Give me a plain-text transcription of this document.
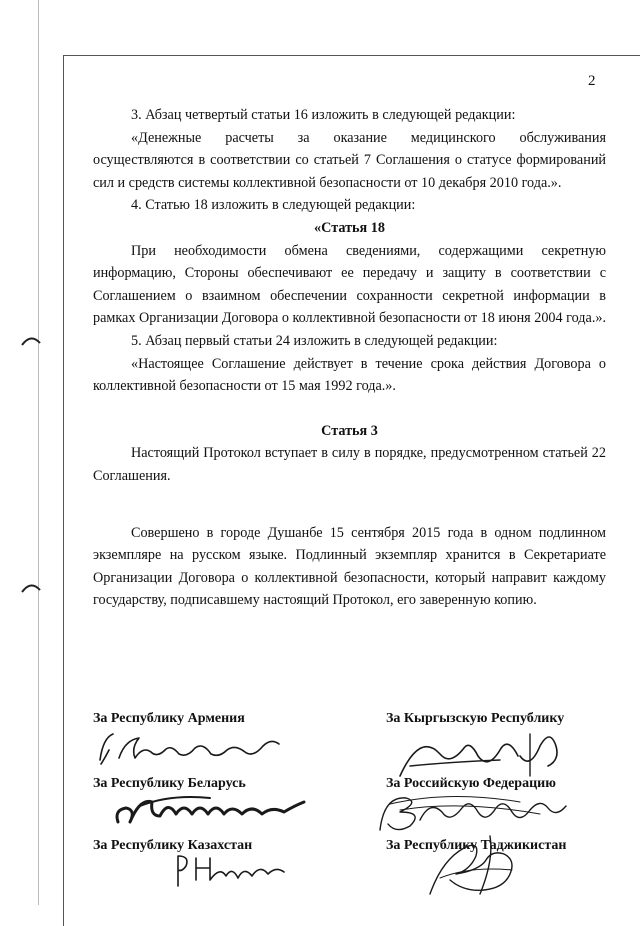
2

3. Абзац четвертый статьи 16 изложить в следующей редакции:

«Денежные расчеты за оказание медицинского обслуживания осуществляются в соответствии со статьей 7 Соглашения о статусе формирований сил и средств системы коллективной безопасности от 10 декабря 2010 года.».

4. Статью 18 изложить в следующей редакции:

«Статья 18

При необходимости обмена сведениями, содержащими секретную информацию, Стороны обеспечивают ее передачу и защиту в соответствии с Соглашением о взаимном обеспечении сохранности секретной информации в рамках Организации Договора о коллективной безопасности от 18 июня 2004 года.».

5. Абзац первый статьи 24 изложить в следующей редакции:

«Настоящее Соглашение действует в течение срока действия Договора о коллективной безопасности от 15 мая 1992 года.».

Статья 3

Настоящий Протокол вступает в силу в порядке, предусмотренном статьей 22 Соглашения.

Совершено в городе Душанбе 15 сентября 2015 года в одном подлинном экземпляре на русском языке. Подлинный экземпляр хранится в Секретариате Организации Договора о коллективной безопасности, который направит каждому государству, подписавшему настоящий Протокол, его заверенную копию.

За Республику Армения	За Кыргызскую Республику
За Республику Беларусь	За Российскую Федерацию
За Республику Казахстан	За Республику Таджикистан
